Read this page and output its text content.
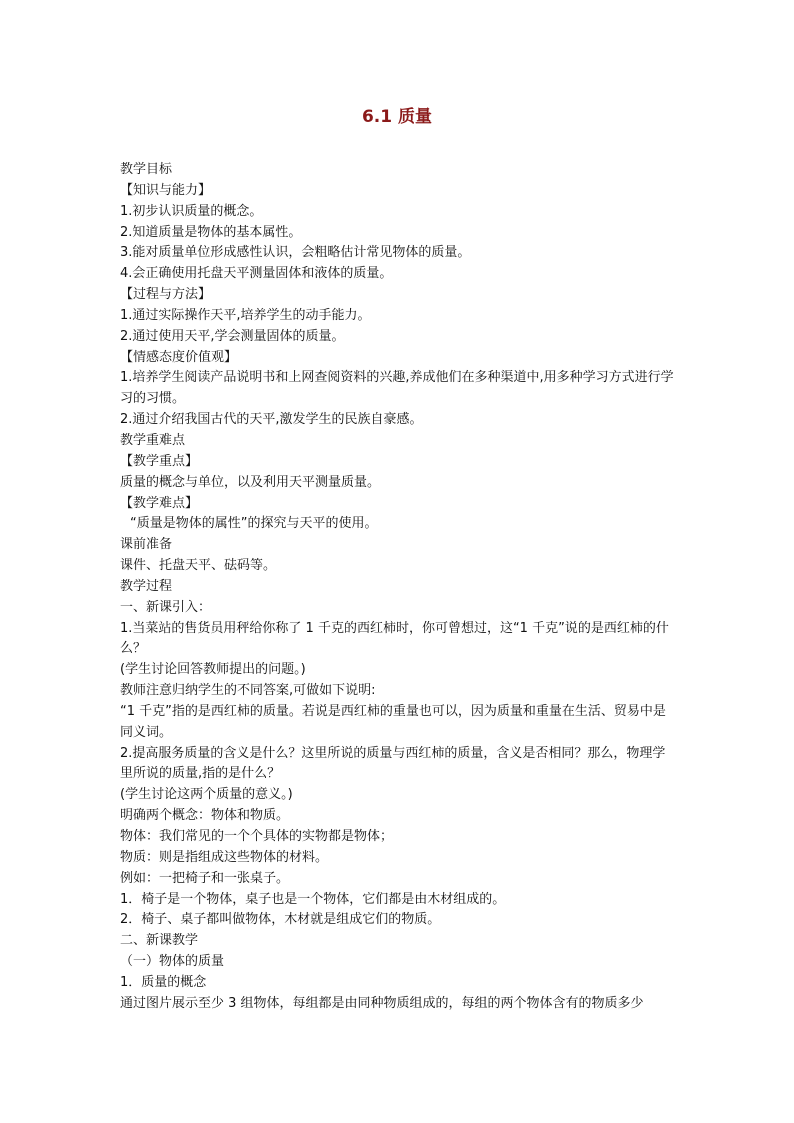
6.1 质量

教学目标

【知识与能力】

1.初步认识质量的概念。

2.知道质量是物体的基本属性。

3.能对质量单位形成感性认识，会粗略估计常见物体的质量。

4.会正确使用托盘天平测量固体和液体的质量。

【过程与方法】

1.通过实际操作天平,培养学生的动手能力。

2.通过使用天平,学会测量固体的质量。

【情感态度价值观】

1.培养学生阅读产品说明书和上网查阅资料的兴趣,养成他们在多种渠道中,用多种学习方式进行学习的习惯。

2.通过介绍我国古代的天平,激发学生的民族自豪感。

教学重难点

【教学重点】

质量的概念与单位，以及利用天平测量质量。

【教学难点】

“质量是物体的属性”的探究与天平的使用。

课前准备

课件、托盘天平、砝码等。

教学过程

一、新课引入：

1.当菜站的售货员用秤给你称了 1 千克的西红柿时，你可曾想过，这“1 千克”说的是西红柿的什么？

(学生讨论回答教师提出的问题。)

教师注意归纳学生的不同答案,可做如下说明:

“1 千克”指的是西红柿的质量。若说是西红柿的重量也可以，因为质量和重量在生活、贸易中是同义词。

2.提高服务质量的含义是什么？这里所说的质量与西红柿的质量，含义是否相同？那么，物理学里所说的质量,指的是什么？

(学生讨论这两个质量的意义。)

明确两个概念：物体和物质。

物体：我们常见的一个个具体的实物都是物体；

物质：则是指组成这些物体的材料。

例如：一把椅子和一张桌子。

1．椅子是一个物体，桌子也是一个物体，它们都是由木材组成的。

2．椅子、桌子都叫做物体，木材就是组成它们的物质。

二、新课教学

（一）物体的质量

1．质量的概念

通过图片展示至少 3 组物体，每组都是由同种物质组成的，每组的两个物体含有的物质多少
